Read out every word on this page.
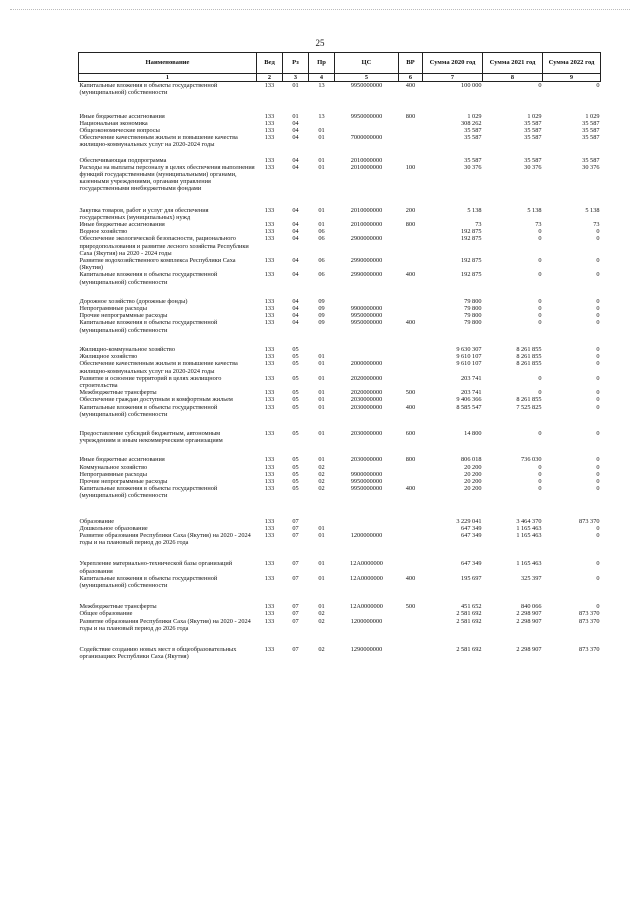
25
Наименование	Вед	Рз	Пр	ЦС	ВР	Сумма 2020 год	Сумма 2021 год	Сумма 2022 год
1	2	3	4	5	6	7	8	9
Капитальные вложения в объекты государственной (муниципальной) собственности	133	01	13	9950000000	400	100 000	0	0
Иные бюджетные ассигнования	133	01	13	9950000000	800	1 029	1 029	1 029
Национальная экономика	133	04				308 262	35 587	35 587
Общеэкономические вопросы	133	04	01			35 587	35 587	35 587
Обеспечение качественным жильем и повышение качества жилищно-коммунальных услуг на 2020-2024 годы	133	04	01	7000000000		35 587	35 587	35 587
Обеспечивающая подпрограмма	133	04	01	2010000000		35 587	35 587	35 587
Расходы на выплаты персоналу в целях обеспечения выполнения функций государственными (муниципальными) органами, казенными учреждениями, органами управления государственными внебюджетными фондами	133	04	01	2010000000	100	30 376	30 376	30 376
Закупка товаров, работ и услуг для обеспечения государственных (муниципальных) нужд	133	04	01	2010000000	200	5 138	5 138	5 138
Иные бюджетные ассигнования	133	04	01	2010000000	800	73	73	73
Водное хозяйство	133	04	06			192 875	0	0
Обеспечение экологической безопасности, рационального природопользования и развитие лесного хозяйства Республики Саха (Якутия) на 2020 - 2024 годы	133	04	06	2900000000		192 875	0	0
Развитие водохозяйственного комплекса Республики Саха (Якутия)	133	04	06	2990000000		192 875	0	0
Капитальные вложения в объекты государственной (муниципальной) собственности	133	04	06	2990000000	400	192 875	0	0
Дорожное хозяйство (дорожные фонды)	133	04	09			79 800	0	0
Непрограммные расходы	133	04	09	9900000000		79 800	0	0
Прочие непрограммные расходы	133	04	09	9950000000		79 800	0	0
Капитальные вложения в объекты государственной (муниципальной) собственности	133	04	09	9950000000	400	79 800	0	0
Жилищно-коммунальное хозяйство	133	05				9 630 307	8 261 855	0
Жилищное хозяйство	133	05	01			9 610 107	8 261 855	0
Обеспечение качественным жильем и повышение качества жилищно-коммунальных услуг на 2020-2024 годы	133	05	01	2000000000		9 610 107	8 261 855	0
Развитие и освоение территорий в целях жилищного строительства	133	05	01	2020000000		203 741	0	0
Межбюджетные трансферты	133	05	01	2020000000	500	203 741	0	0
Обеспечение граждан доступным и комфортным жильем	133	05	01	2030000000		9 406 366	8 261 855	0
Капитальные вложения в объекты государственной (муниципальной) собственности	133	05	01	2030000000	400	8 585 547	7 525 825	0
Предоставление субсидий бюджетным, автономным учреждениям и иным некоммерческим организациям	133	05	01	2030000000	600	14 800	0	0
Иные бюджетные ассигнования	133	05	01	2030000000	800	806 018	736 030	0
Коммунальное хозяйство	133	05	02			20 200	0	0
Непрограммные расходы	133	05	02	9900000000		20 200	0	0
Прочие непрограммные расходы	133	05	02	9950000000		20 200	0	0
Капитальные вложения в объекты государственной (муниципальной) собственности	133	05	02	9950000000	400	20 200	0	0
Образование	133	07				3 229 041	3 464 370	873 370
Дошкольное образование	133	07	01			647 349	1 165 463	0
Развитие образования Республики Саха (Якутия) на 2020 - 2024 годы и на плановый период до 2026 года	133	07	01	1200000000		647 349	1 165 463	0
Укрепление материально-технической базы организаций образования	133	07	01	12А0000000		647 349	1 165 463	0
Капитальные вложения в объекты государственной (муниципальной) собственности	133	07	01	12А0000000	400	195 697	325 397	0
Межбюджетные трансферты	133	07	01	12А0000000	500	451 652	840 066	0
Общее образование	133	07	02			2 581 692	2 298 907	873 370
Развитие образования Республики Саха (Якутия) на 2020 - 2024 годы и на плановый период до 2026 года	133	07	02	1200000000		2 581 692	2 298 907	873 370
Содействие созданию новых мест в общеобразовательных организациях Республики Саха (Якутия)	133	07	02	1290000000		2 581 692	2 298 907	873 370
